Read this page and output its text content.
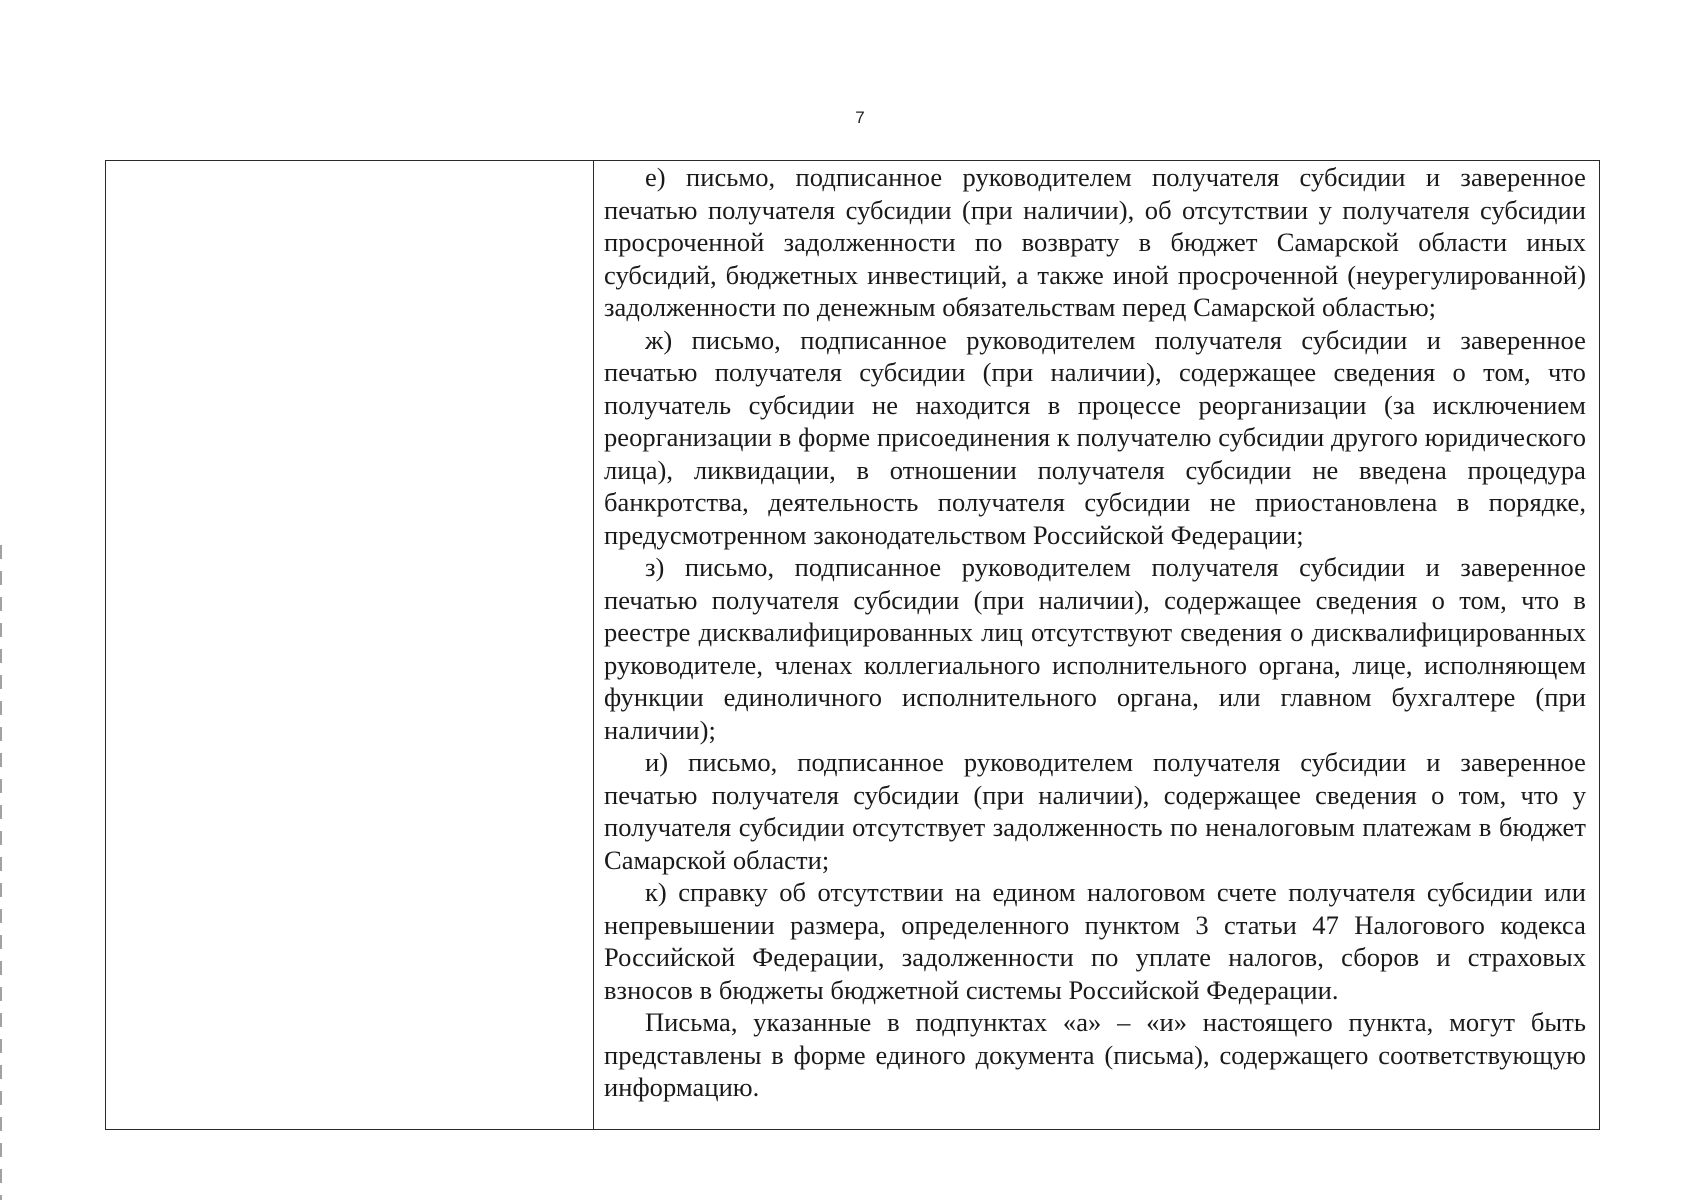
7

е) письмо, подписанное руководителем получателя субсидии и заверенное печатью получателя субсидии (при наличии), об отсутствии у получателя субсидии просроченной задолженности по возврату в бюджет Самарской области иных субсидий, бюджетных инвестиций, а также иной просроченной (неурегулированной) задолженности по денежным обязательствам перед Самарской областью;

ж) письмо, подписанное руководителем получателя субсидии и заверенное печатью получателя субсидии (при наличии), содержащее сведения о том, что получатель субсидии не находится в процессе реорганизации (за исключением реорганизации в форме присоединения к получателю субсидии другого юридического лица), ликвидации, в отношении получателя субсидии не введена процедура банкротства, деятельность получателя субсидии не приостановлена в порядке, предусмотренном законодательством Российской Федерации;

з) письмо, подписанное руководителем получателя субсидии и заверенное печатью получателя субсидии (при наличии), содержащее сведения о том, что в реестре дисквалифицированных лиц отсутствуют сведения о дисквалифицированных руководителе, членах коллегиального исполнительного органа, лице, исполняющем функции единоличного исполнительного органа, или главном бухгалтере (при наличии);

и) письмо, подписанное руководителем получателя субсидии и заверенное печатью получателя субсидии (при наличии), содержащее сведения о том, что у получателя субсидии отсутствует задолженность по неналоговым платежам в бюджет Самарской области;

к) справку об отсутствии на едином налоговом счете получателя субсидии или непревышении размера, определенного пунктом 3 статьи 47 Налогового кодекса Российской Федерации, задолженности по уплате налогов, сборов и страховых взносов в бюджеты бюджетной системы Российской Федерации.

Письма, указанные в подпунктах «а» – «и» настоящего пункта, могут быть представлены в форме единого документа (письма), содержащего соответствующую информацию.
